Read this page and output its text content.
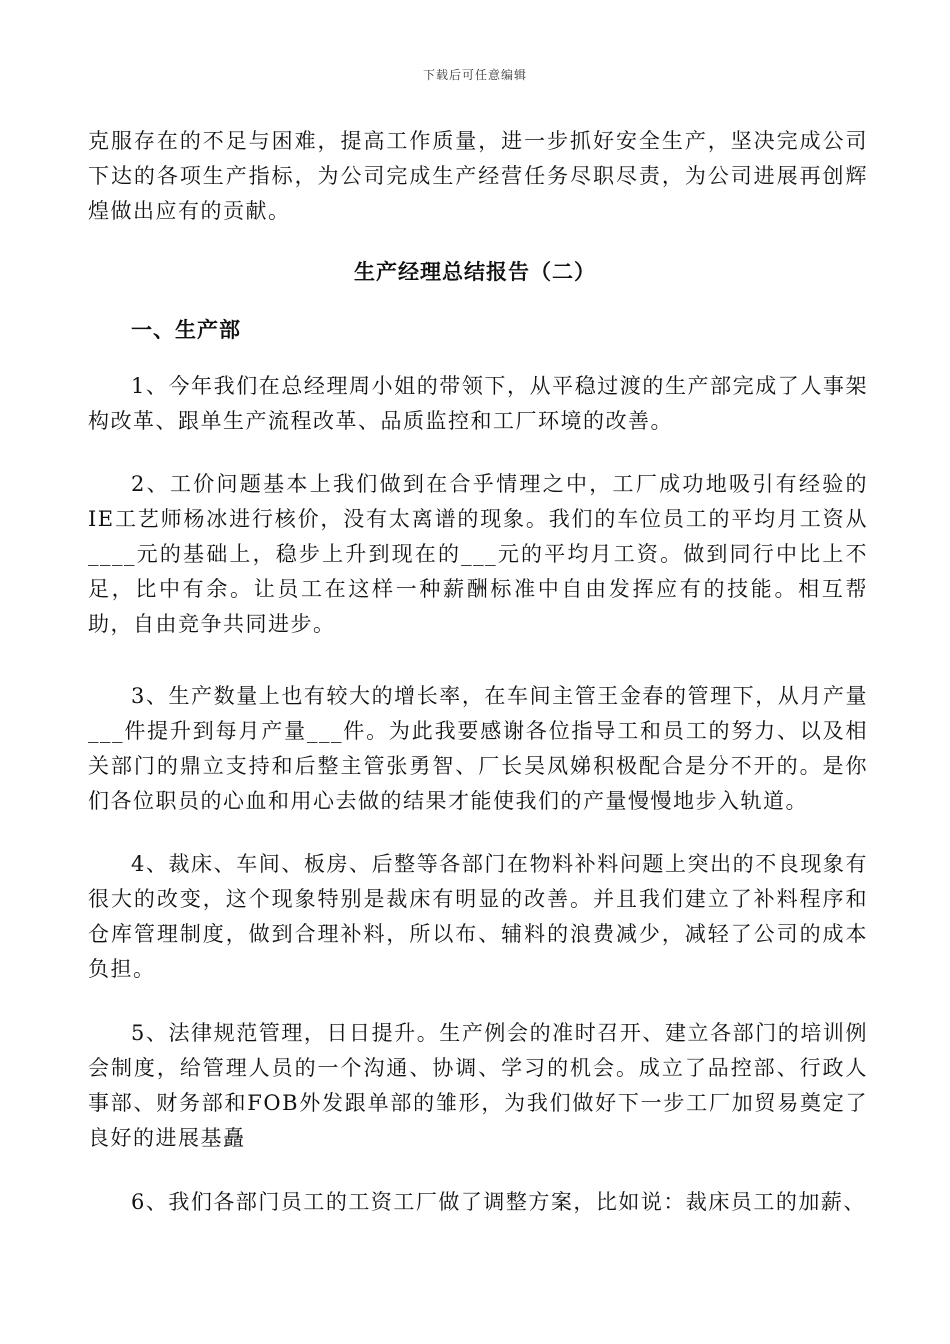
下载后可任意编辑
克服存在的不足与困难，提高工作质量，进一步抓好安全生产，坚决完成公司下达的各项生产指标，为公司完成生产经营任务尽职尽责，为公司进展再创辉煌做出应有的贡献。
生产经理总结报告（二）
一、生产部
1、今年我们在总经理周小姐的带领下，从平稳过渡的生产部完成了人事架构改革、跟单生产流程改革、品质监控和工厂环境的改善。
2、工价问题基本上我们做到在合乎情理之中，工厂成功地吸引有经验的IE工艺师杨冰进行核价，没有太离谱的现象。我们的车位员工的平均月工资从____元的基础上，稳步上升到现在的___元的平均月工资。做到同行中比上不足，比中有余。让员工在这样一种薪酬标准中自由发挥应有的技能。相互帮助，自由竞争共同进步。
3、生产数量上也有较大的增长率，在车间主管王金春的管理下，从月产量___件提升到每月产量___件。为此我要感谢各位指导工和员工的努力、以及相关部门的鼎立支持和后整主管张勇智、厂长吴凤娣积极配合是分不开的。是你们各位职员的心血和用心去做的结果才能使我们的产量慢慢地步入轨道。
4、裁床、车间、板房、后整等各部门在物料补料问题上突出的不良现象有很大的改变，这个现象特别是裁床有明显的改善。并且我们建立了补料程序和仓库管理制度，做到合理补料，所以布、辅料的浪费减少，减轻了公司的成本负担。
5、法律规范管理，日日提升。生产例会的准时召开、建立各部门的培训例会制度，给管理人员的一个沟通、协调、学习的机会。成立了品控部、行政人事部、财务部和FOB外发跟单部的雏形，为我们做好下一步工厂加贸易奠定了良好的进展基矗
6、我们各部门员工的工资工厂做了调整方案，比如说：裁床员工的加薪、
